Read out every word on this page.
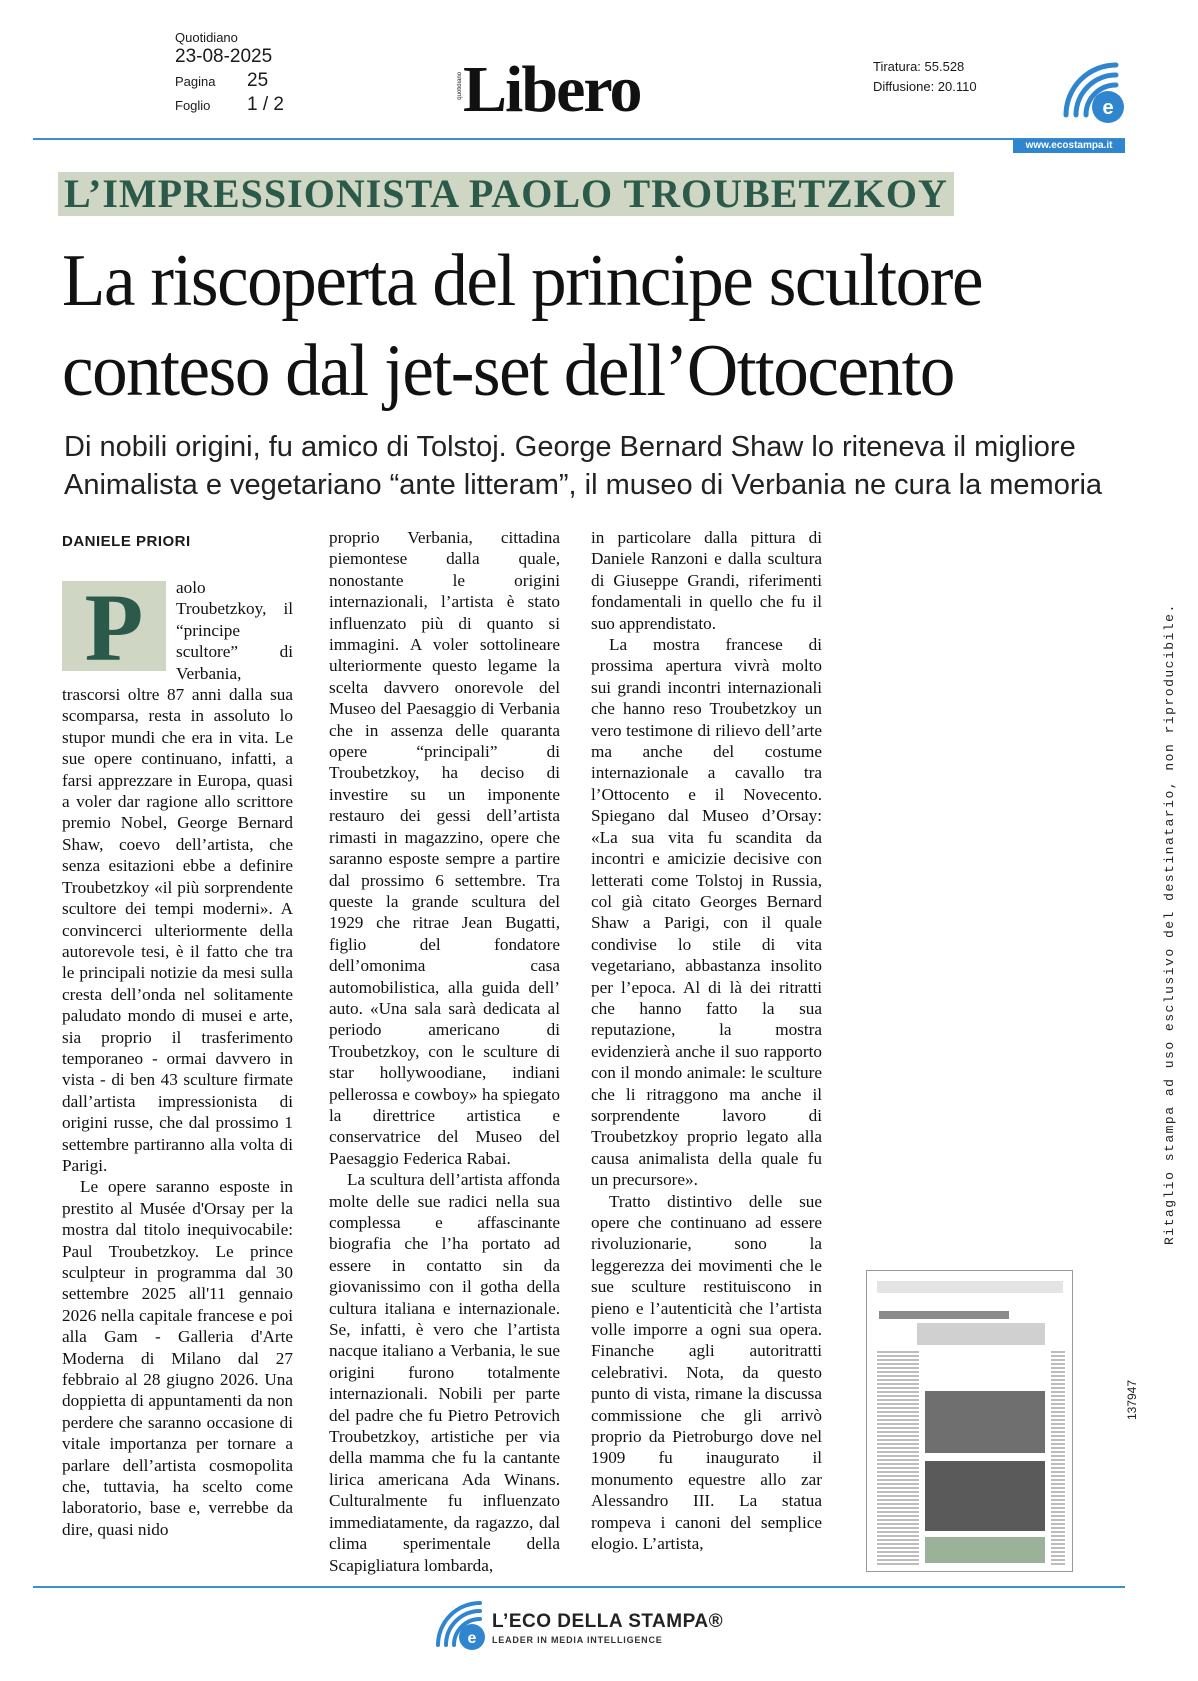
Quotidiano
23-08-2025
Pagina	25
Foglio	1 / 2
quotidiano Libero	Tiratura: 55.528
Diffusione: 20.110
e
www.ecostampa.it
L’IMPRESSIONISTA PAOLO TROUBETZKOY
La riscoperta del principe scultore
conteso dal jet-set dell’Ottocento
Di nobili origini, fu amico di Tolstoj. George Bernard Shaw lo riteneva il migliore
Animalista e vegetariano “ante litteram”, il museo di Verbania ne cura la memoria
DANIELE PRIORI
P	aolo Troubetzkoy, il “principe scultore” di Verbania, trascorsi oltre 87 anni dalla sua scomparsa, resta in assoluto lo stupor mundi che era in vita. Le sue opere continuano, infatti, a farsi apprezzare in Europa, quasi a voler dar ragione allo scrittore premio Nobel, George Bernard Shaw, coevo dell’artista, che senza esitazioni ebbe a definire Troubetzkoy «il più sorprendente scultore dei tempi moderni». A convincerci ulteriormente della autorevole tesi, è il fatto che tra le principali notizie da mesi sulla cresta dell’onda nel solitamente paludato mondo di musei e arte, sia proprio il trasferimento temporaneo - ormai davvero in vista - di ben 43 sculture firmate dall’artista impressionista di origini russe, che dal prossimo 1 settembre partiranno alla volta di Parigi.

Le opere saranno esposte in prestito al Musée d'Orsay per la mostra dal titolo inequivocabile: Paul Troubetzkoy. Le prince sculpteur in programma dal 30 settembre 2025 all'11 gennaio 2026 nella capitale francese e poi alla Gam - Galleria d'Arte Moderna di Milano dal 27 febbraio al 28 giugno 2026. Una doppietta di appuntamenti da non perdere che saranno occasione di vitale importanza per tornare a parlare dell’artista cosmopolita che, tuttavia, ha scelto come laboratorio, base e, verrebbe da dire, quasi nido

proprio Verbania, cittadina piemontese dalla quale, nonostante le origini internazionali, l’artista è stato influenzato più di quanto si immagini. A voler sottolineare ulteriormente questo legame la scelta davvero onorevole del Museo del Paesaggio di Verbania che in assenza delle quaranta opere “principali” di Troubetzkoy, ha deciso di investire su un imponente restauro dei gessi dell’artista rimasti in magazzino, opere che saranno esposte sempre a partire dal prossimo 6 settembre. Tra queste la grande scultura del 1929 che ritrae Jean Bugatti, figlio del fondatore dell’omonima casa automobilistica, alla guida dell’ auto. «Una sala sarà dedicata al periodo americano di Troubetzkoy, con le sculture di star hollywoodiane, indiani pellerossa e cowboy» ha spiegato la direttrice artistica e conservatrice del Museo del Paesaggio Federica Rabai.

La scultura dell’artista affonda molte delle sue radici nella sua complessa e affascinante biografia che l’ha portato ad essere in contatto sin da giovanissimo con il gotha della cultura italiana e internazionale. Se, infatti, è vero che l’artista nacque italiano a Verbania, le sue origini furono totalmente internazionali. Nobili per parte del padre che fu Pietro Petrovich Troubetzkoy, artistiche per via della mamma che fu la cantante lirica americana Ada Winans. Culturalmente fu influenzato immediatamente, da ragazzo, dal clima sperimentale della Scapigliatura lombarda,

in particolare dalla pittura di Daniele Ranzoni e dalla scultura di Giuseppe Grandi, riferimenti fondamentali in quello che fu il suo apprendistato.

La mostra francese di prossima apertura vivrà molto sui grandi incontri internazionali che hanno reso Troubetzkoy un vero testimone di rilievo dell’arte ma anche del costume internazionale a cavallo tra l’Ottocento e il Novecento. Spiegano dal Museo d’Orsay: «La sua vita fu scandita da incontri e amicizie decisive con letterati come Tolstoj in Russia, col già citato Georges Bernard Shaw a Parigi, con il quale condivise lo stile di vita vegetariano, abbastanza insolito per l’epoca. Al di là dei ritratti che hanno fatto la sua reputazione, la mostra evidenzierà anche il suo rapporto con il mondo animale: le sculture che li ritraggono ma anche il sorprendente lavoro di Troubetzkoy proprio legato alla causa animalista della quale fu un precursore».

Tratto distintivo delle sue opere che continuano ad essere rivoluzionarie, sono la leggerezza dei movimenti che le sue sculture restituiscono in pieno e l’autenticità che l’artista volle imporre a ogni sua opera. Finanche agli autoritratti celebrativi. Nota, da questo punto di vista, rimane la discussa commissione che gli arrivò proprio da Pietroburgo dove nel 1909 fu inaugurato il monumento equestre allo zar Alessandro III. La statua rompeva i canoni del semplice elogio. L’artista,

Ritaglio stampa ad uso esclusivo del destinatario, non riproducibile.
137947
e
L’ECO DELLA STAMPA®
LEADER IN MEDIA INTELLIGENCE
